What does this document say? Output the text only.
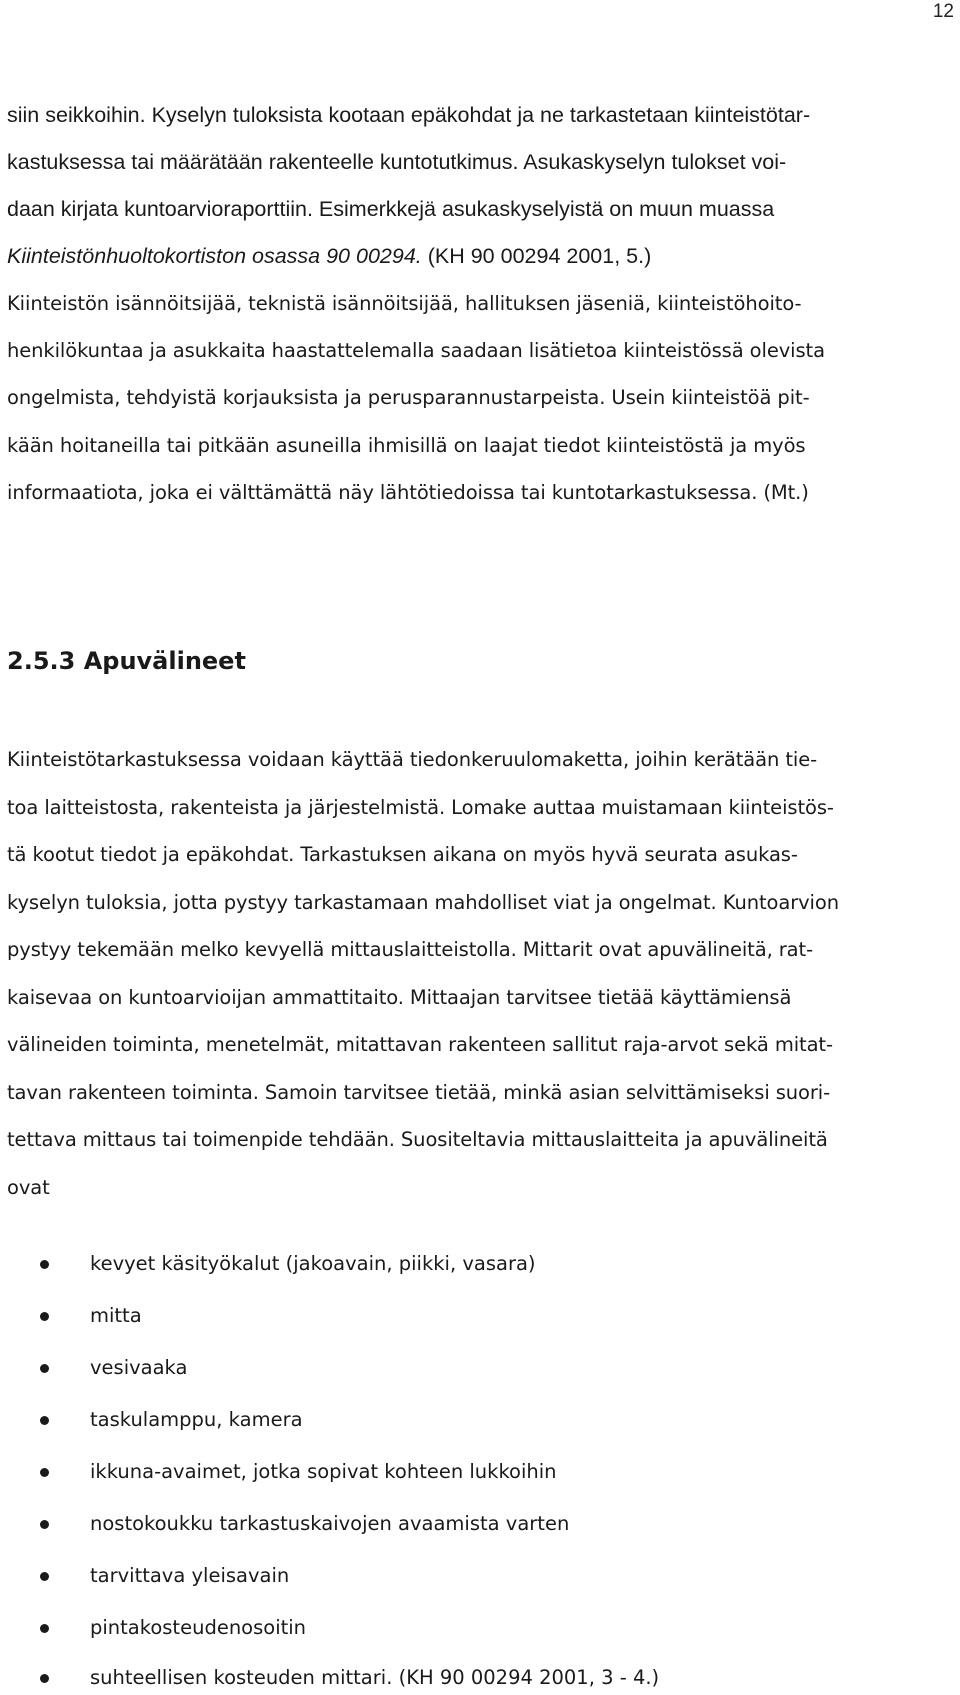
12
siin seikkoihin. Kyselyn tuloksista kootaan epäkohdat ja ne tarkastetaan kiinteistötar-
kastuksessa tai määrätään rakenteelle kuntotutkimus. Asukaskyselyn tulokset voi-
daan kirjata kuntoarvioraporttiin. Esimerkkejä asukaskyselyistä on muun muassa
Kiinteistönhuoltokortiston osassa 90 00294. (KH 90 00294 2001, 5.)
Kiinteistön isännöitsijää, teknistä isännöitsijää, hallituksen jäseniä, kiinteistöhoito-
henkilökuntaa ja asukkaita haastattelemalla saadaan lisätietoa kiinteistössä olevista
ongelmista, tehdyistä korjauksista ja perusparannustarpeista. Usein kiinteistöä pit-
kään hoitaneilla tai pitkään asuneilla ihmisillä on laajat tiedot kiinteistöstä ja myös
informaatiota, joka ei välttämättä näy lähtötiedoissa tai kuntotarkastuksessa. (Mt.)
2.5.3 Apuvälineet
Kiinteistötarkastuksessa voidaan käyttää tiedonkeruulomaketta, joihin kerätään tie-
toa laitteistosta, rakenteista ja järjestelmistä. Lomake auttaa muistamaan kiinteistös-
tä kootut tiedot ja epäkohdat. Tarkastuksen aikana on myös hyvä seurata asukas-
kyselyn tuloksia, jotta pystyy tarkastamaan mahdolliset viat ja ongelmat. Kuntoarvion
pystyy tekemään melko kevyellä mittauslaitteistolla. Mittarit ovat apuvälineitä, rat-
kaisevaa on kuntoarvioijan ammattitaito. Mittaajan tarvitsee tietää käyttämiensä
välineiden toiminta, menetelmät, mitattavan rakenteen sallitut raja-arvot sekä mitat-
tavan rakenteen toiminta. Samoin tarvitsee tietää, minkä asian selvittämiseksi suori-
tettava mittaus tai toimenpide tehdään. Suositeltavia mittauslaitteita ja apuvälineitä
ovat
kevyet käsityökalut (jakoavain, piikki, vasara)
mitta
vesivaaka
taskulamppu, kamera
ikkuna-avaimet, jotka sopivat kohteen lukkoihin
nostokoukku tarkastuskaivojen avaamista varten
tarvittava yleisavain
pintakosteudenosoitin
suhteellisen kosteuden mittari. (KH 90 00294 2001, 3 - 4.)
